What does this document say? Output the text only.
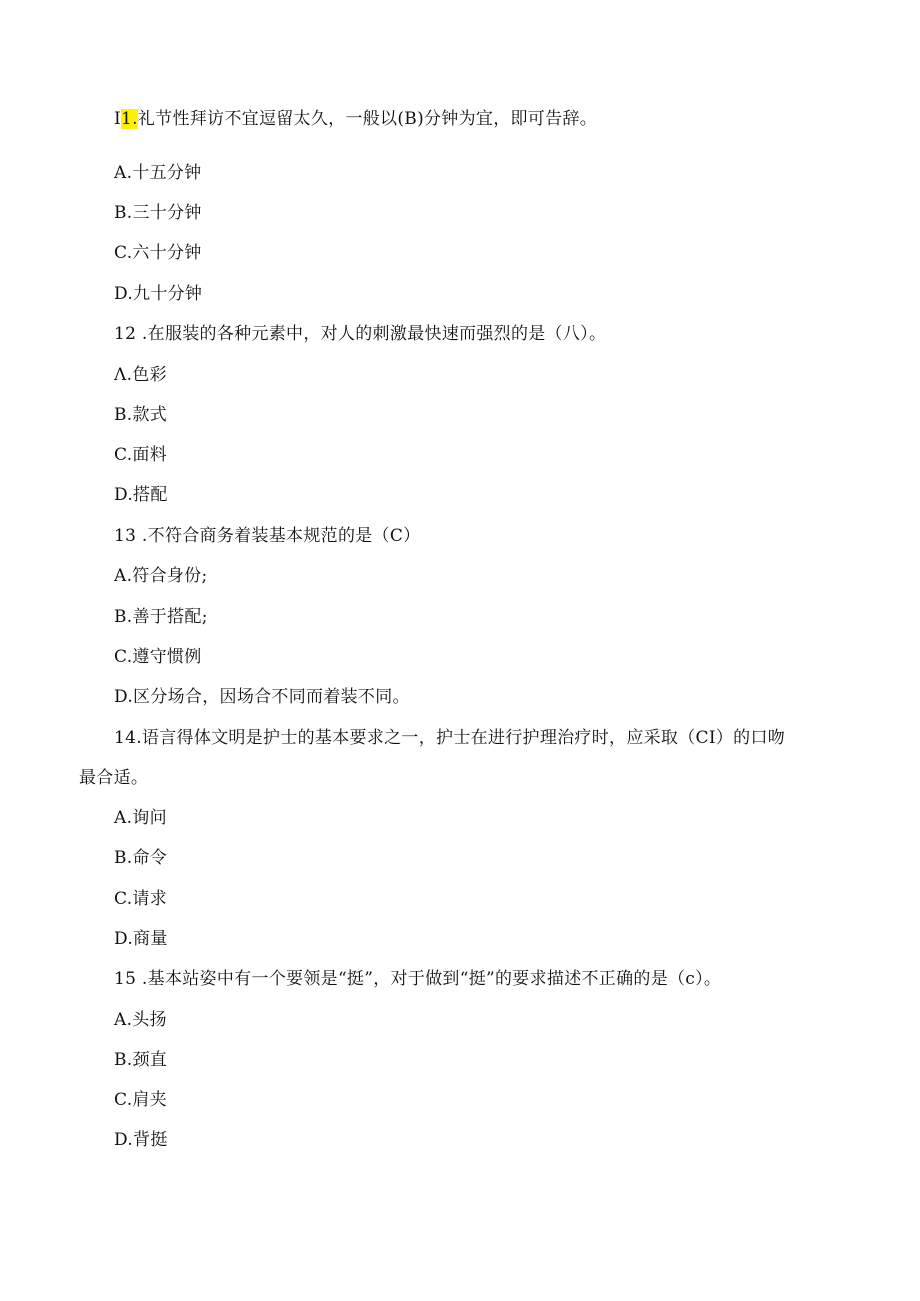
I1.礼节性拜访不宜逗留太久，一般以(B)分钟为宜，即可告辞。
A.十五分钟
B.三十分钟
C.六十分钟
D.九十分钟
12 .在服装的各种元素中，对人的刺激最快速而强烈的是（八）。
Λ.色彩
B.款式
C.面料
D.搭配
13 .不符合商务着装基本规范的是（C）
A.符合身份;
B.善于搭配;
C.遵守惯例
D.区分场合，因场合不同而着装不同。
14.语言得体文明是护士的基本要求之一，护士在进行护理治疗时，应采取（CI）的口吻
最合适。
A.询问
B.命令
C.请求
D.商量
15 .基本站姿中有一个要领是“挺”，对于做到“挺”的要求描述不正确的是（c）。
A.头扬
B.颈直
C.肩夹
D.背挺
